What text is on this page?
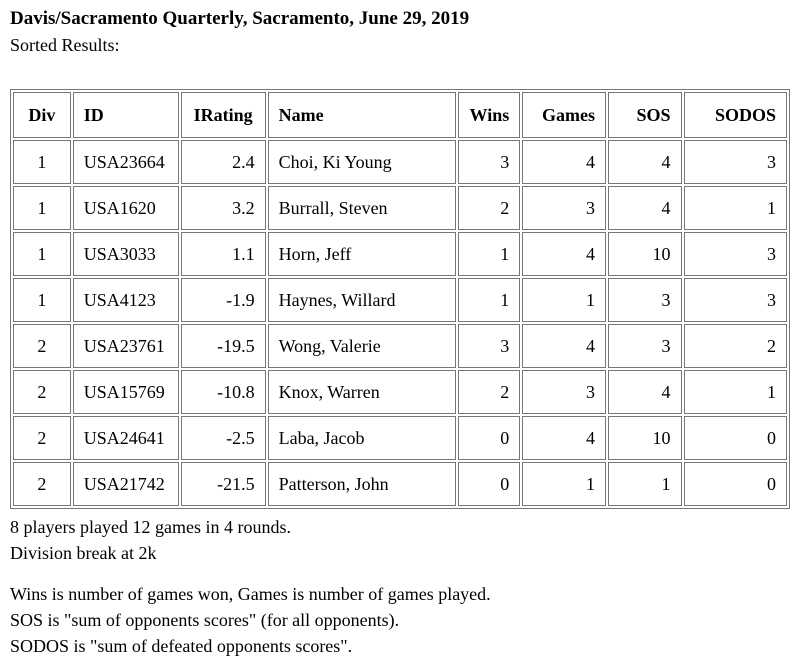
Davis/Sacramento Quarterly, Sacramento, June 29, 2019
Sorted Results:
Div	ID	IRating	Name	Wins	Games	SOS	SODOS
1	USA23664	2.4	Choi, Ki Young	3	4	4	3
1	USA1620	3.2	Burrall, Steven	2	3	4	1
1	USA3033	1.1	Horn, Jeff	1	4	10	3
1	USA4123	-1.9	Haynes, Willard	1	1	3	3
2	USA23761	-19.5	Wong, Valerie	3	4	3	2
2	USA15769	-10.8	Knox, Warren	2	3	4	1
2	USA24641	-2.5	Laba, Jacob	0	4	10	0
2	USA21742	-21.5	Patterson, John	0	1	1	0
8 players played 12 games in 4 rounds.
Division break at 2k
Wins is number of games won, Games is number of games played.
SOS is "sum of opponents scores" (for all opponents).
SODOS is "sum of defeated opponents scores".
